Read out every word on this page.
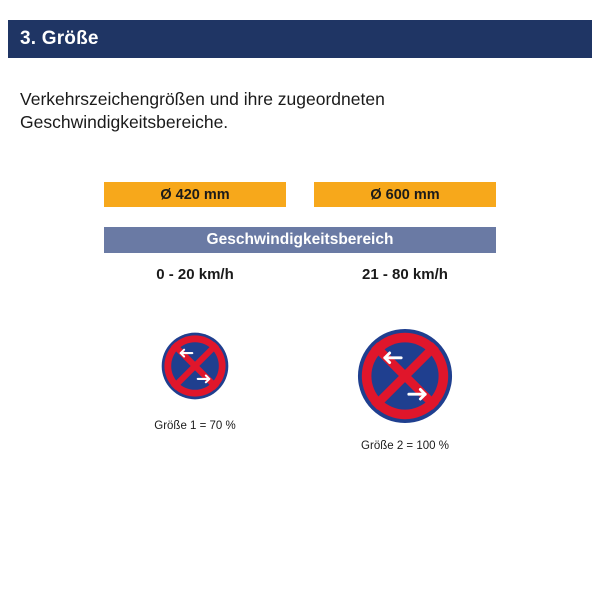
3. Größe
Verkehrszeichengrößen und ihre zugeordneten Geschwindigkeitsbereiche.
Ø 420 mm	Ø 600 mm
Geschwindigkeitsbereich
0 - 20 km/h	21 - 80 km/h
Größe 1 = 70 %
Größe 2 = 100 %
